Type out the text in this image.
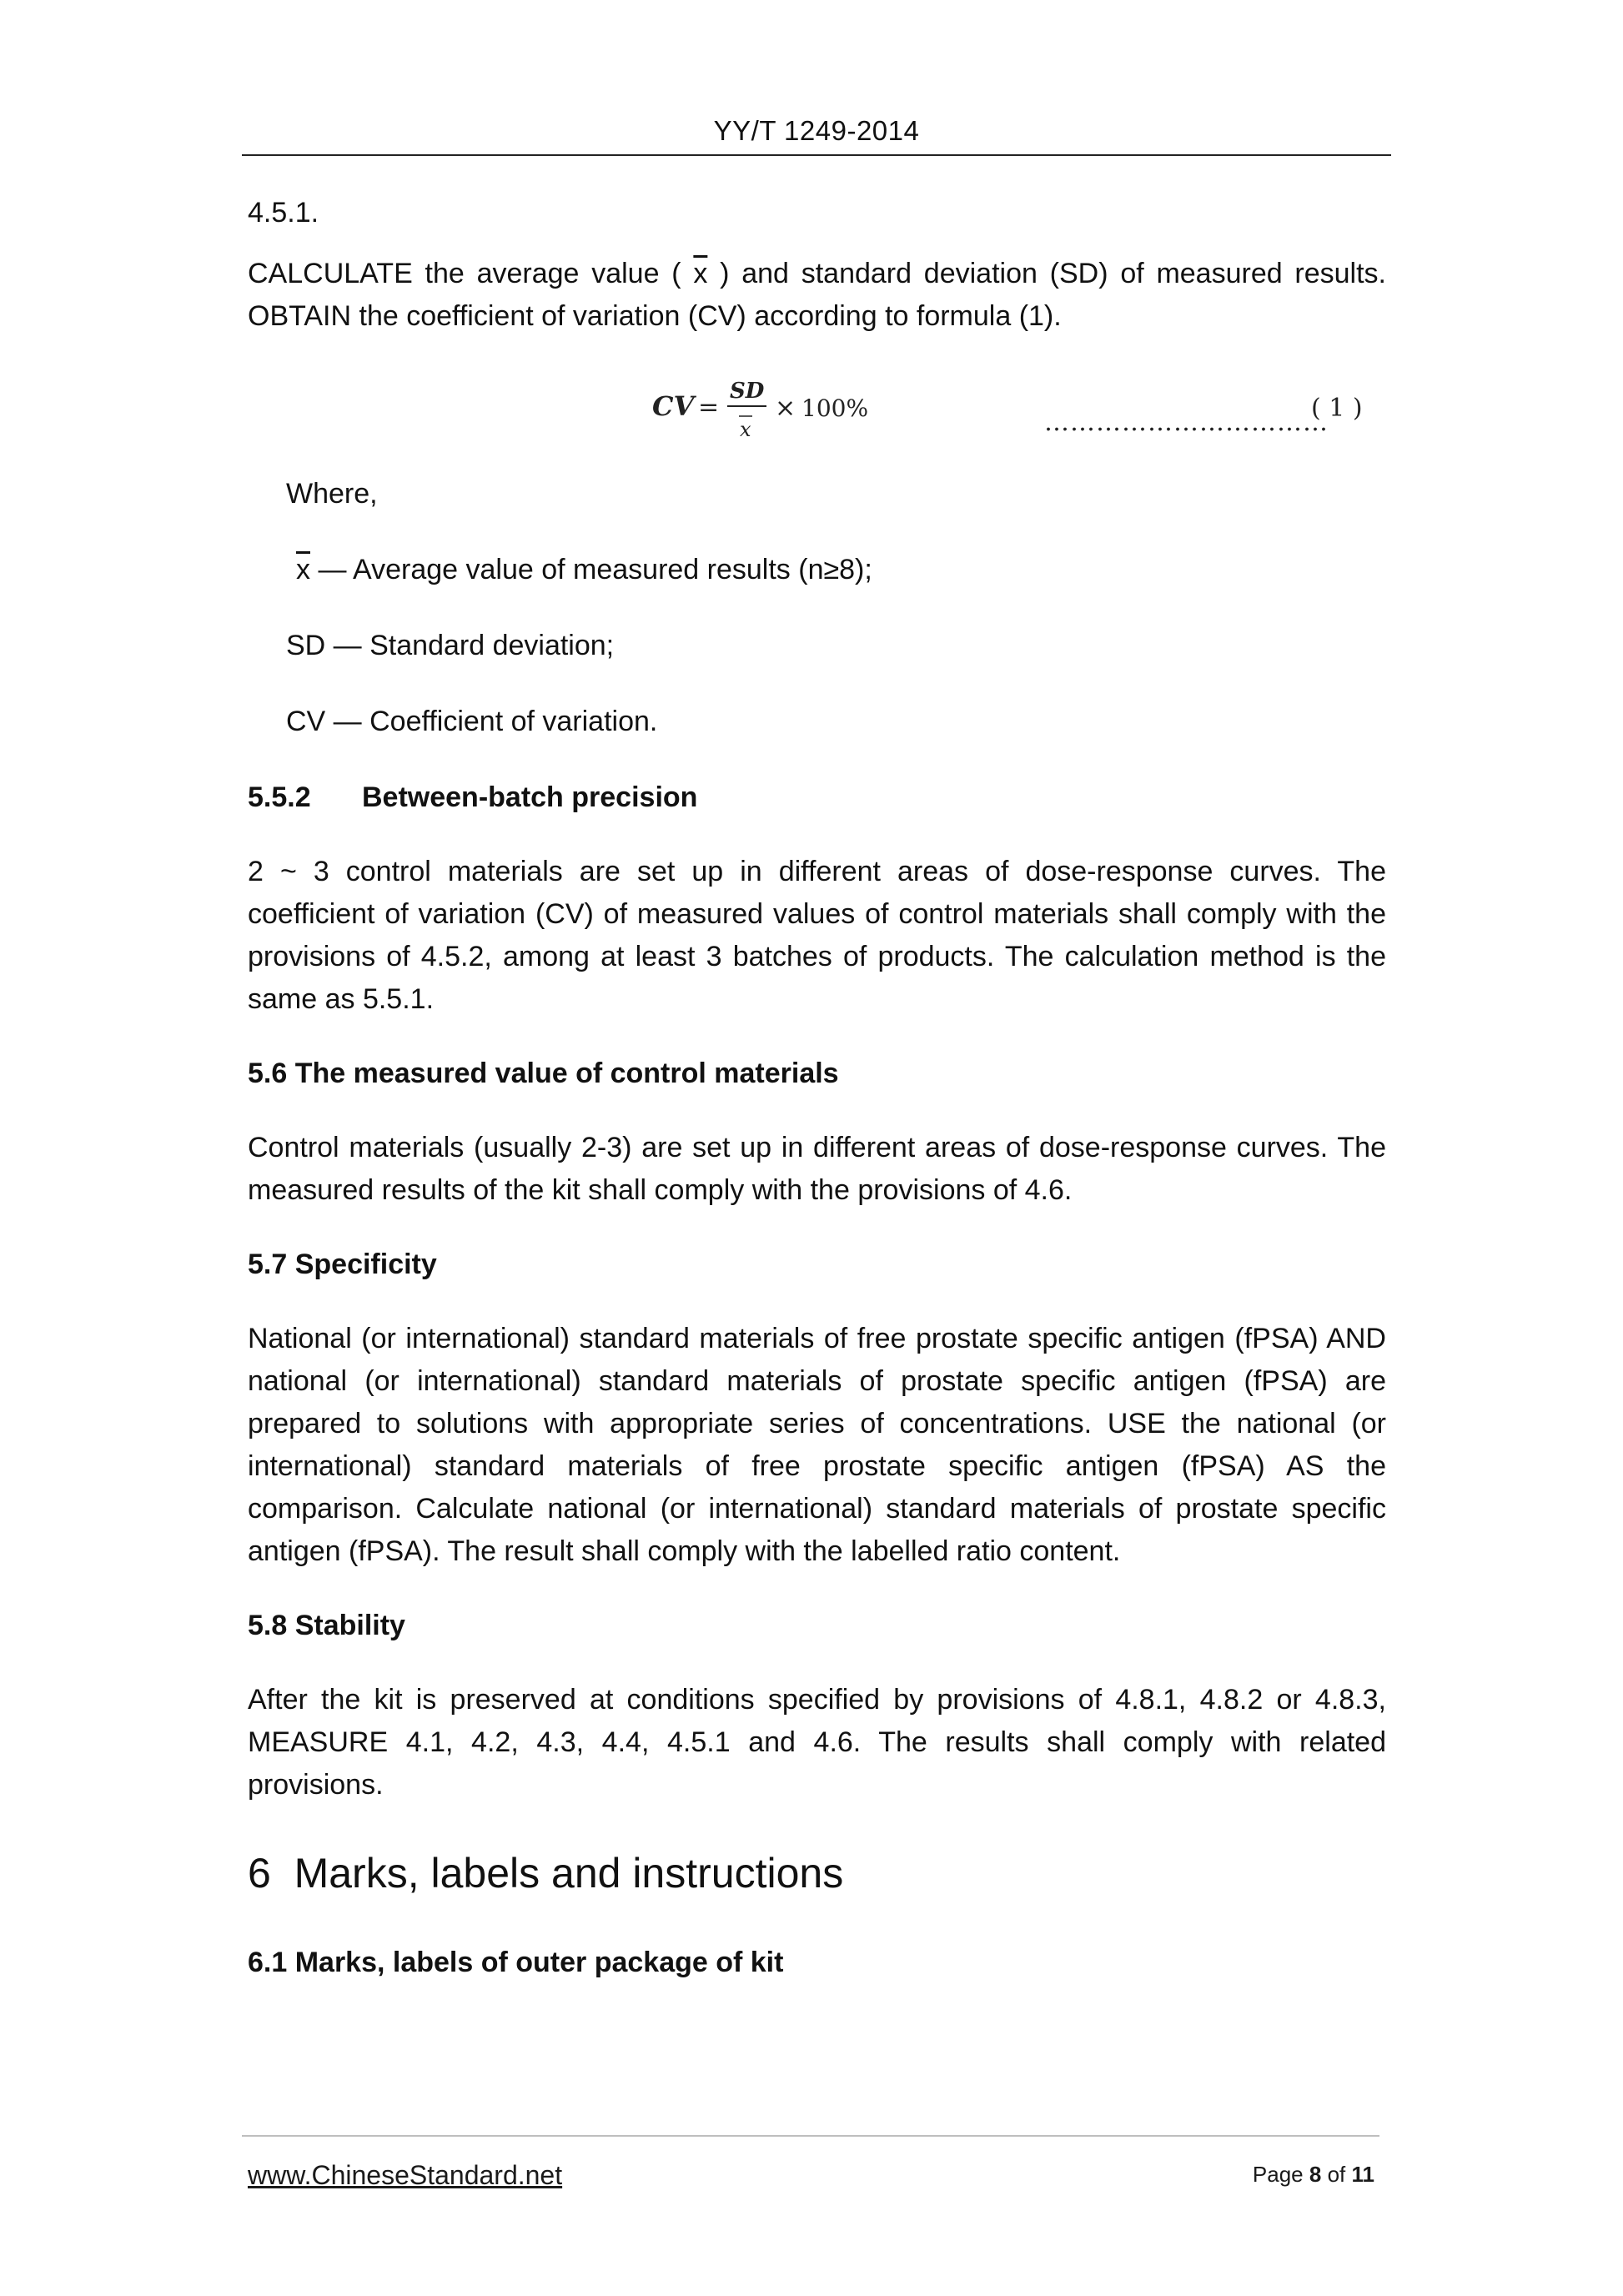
YY/T 1249-2014

4.5.1.

CALCULATE the average value ( $\overline{x}$ ) and standard deviation (SD) of measured results. OBTAIN the coefficient of variation (CV) according to formula (1).

CV =
SD
x
× 100%	( 1 )
……………………………

Where,

$\overline{x}$ — Average value of measured results (n≥8);

SD — Standard deviation;

CV — Coefficient of variation.

5.5.2 Between-batch precision

2 ~ 3 control materials are set up in different areas of dose-response curves. The coefficient of variation (CV) of measured values of control materials shall comply with the provisions of 4.5.2, among at least 3 batches of products. The calculation method is the same as 5.5.1.

5.6 The measured value of control materials

Control materials (usually 2-3) are set up in different areas of dose-response curves. The measured results of the kit shall comply with the provisions of 4.6.

5.7 Specificity

National (or international) standard materials of free prostate specific antigen (fPSA) AND national (or international) standard materials of prostate specific antigen (fPSA) are prepared to solutions with appropriate series of concentrations. USE the national (or international) standard materials of free prostate specific antigen (fPSA) AS the comparison. Calculate national (or international) standard materials of prostate specific antigen (fPSA). The result shall comply with the labelled ratio content.

5.8 Stability

After the kit is preserved at conditions specified by provisions of 4.8.1, 4.8.2 or 4.8.3, MEASURE 4.1, 4.2, 4.3, 4.4, 4.5.1 and 4.6. The results shall comply with related provisions.

6  Marks, labels and instructions

6.1 Marks, labels of outer package of kit

www.ChineseStandard.net	Page 8 of 11
